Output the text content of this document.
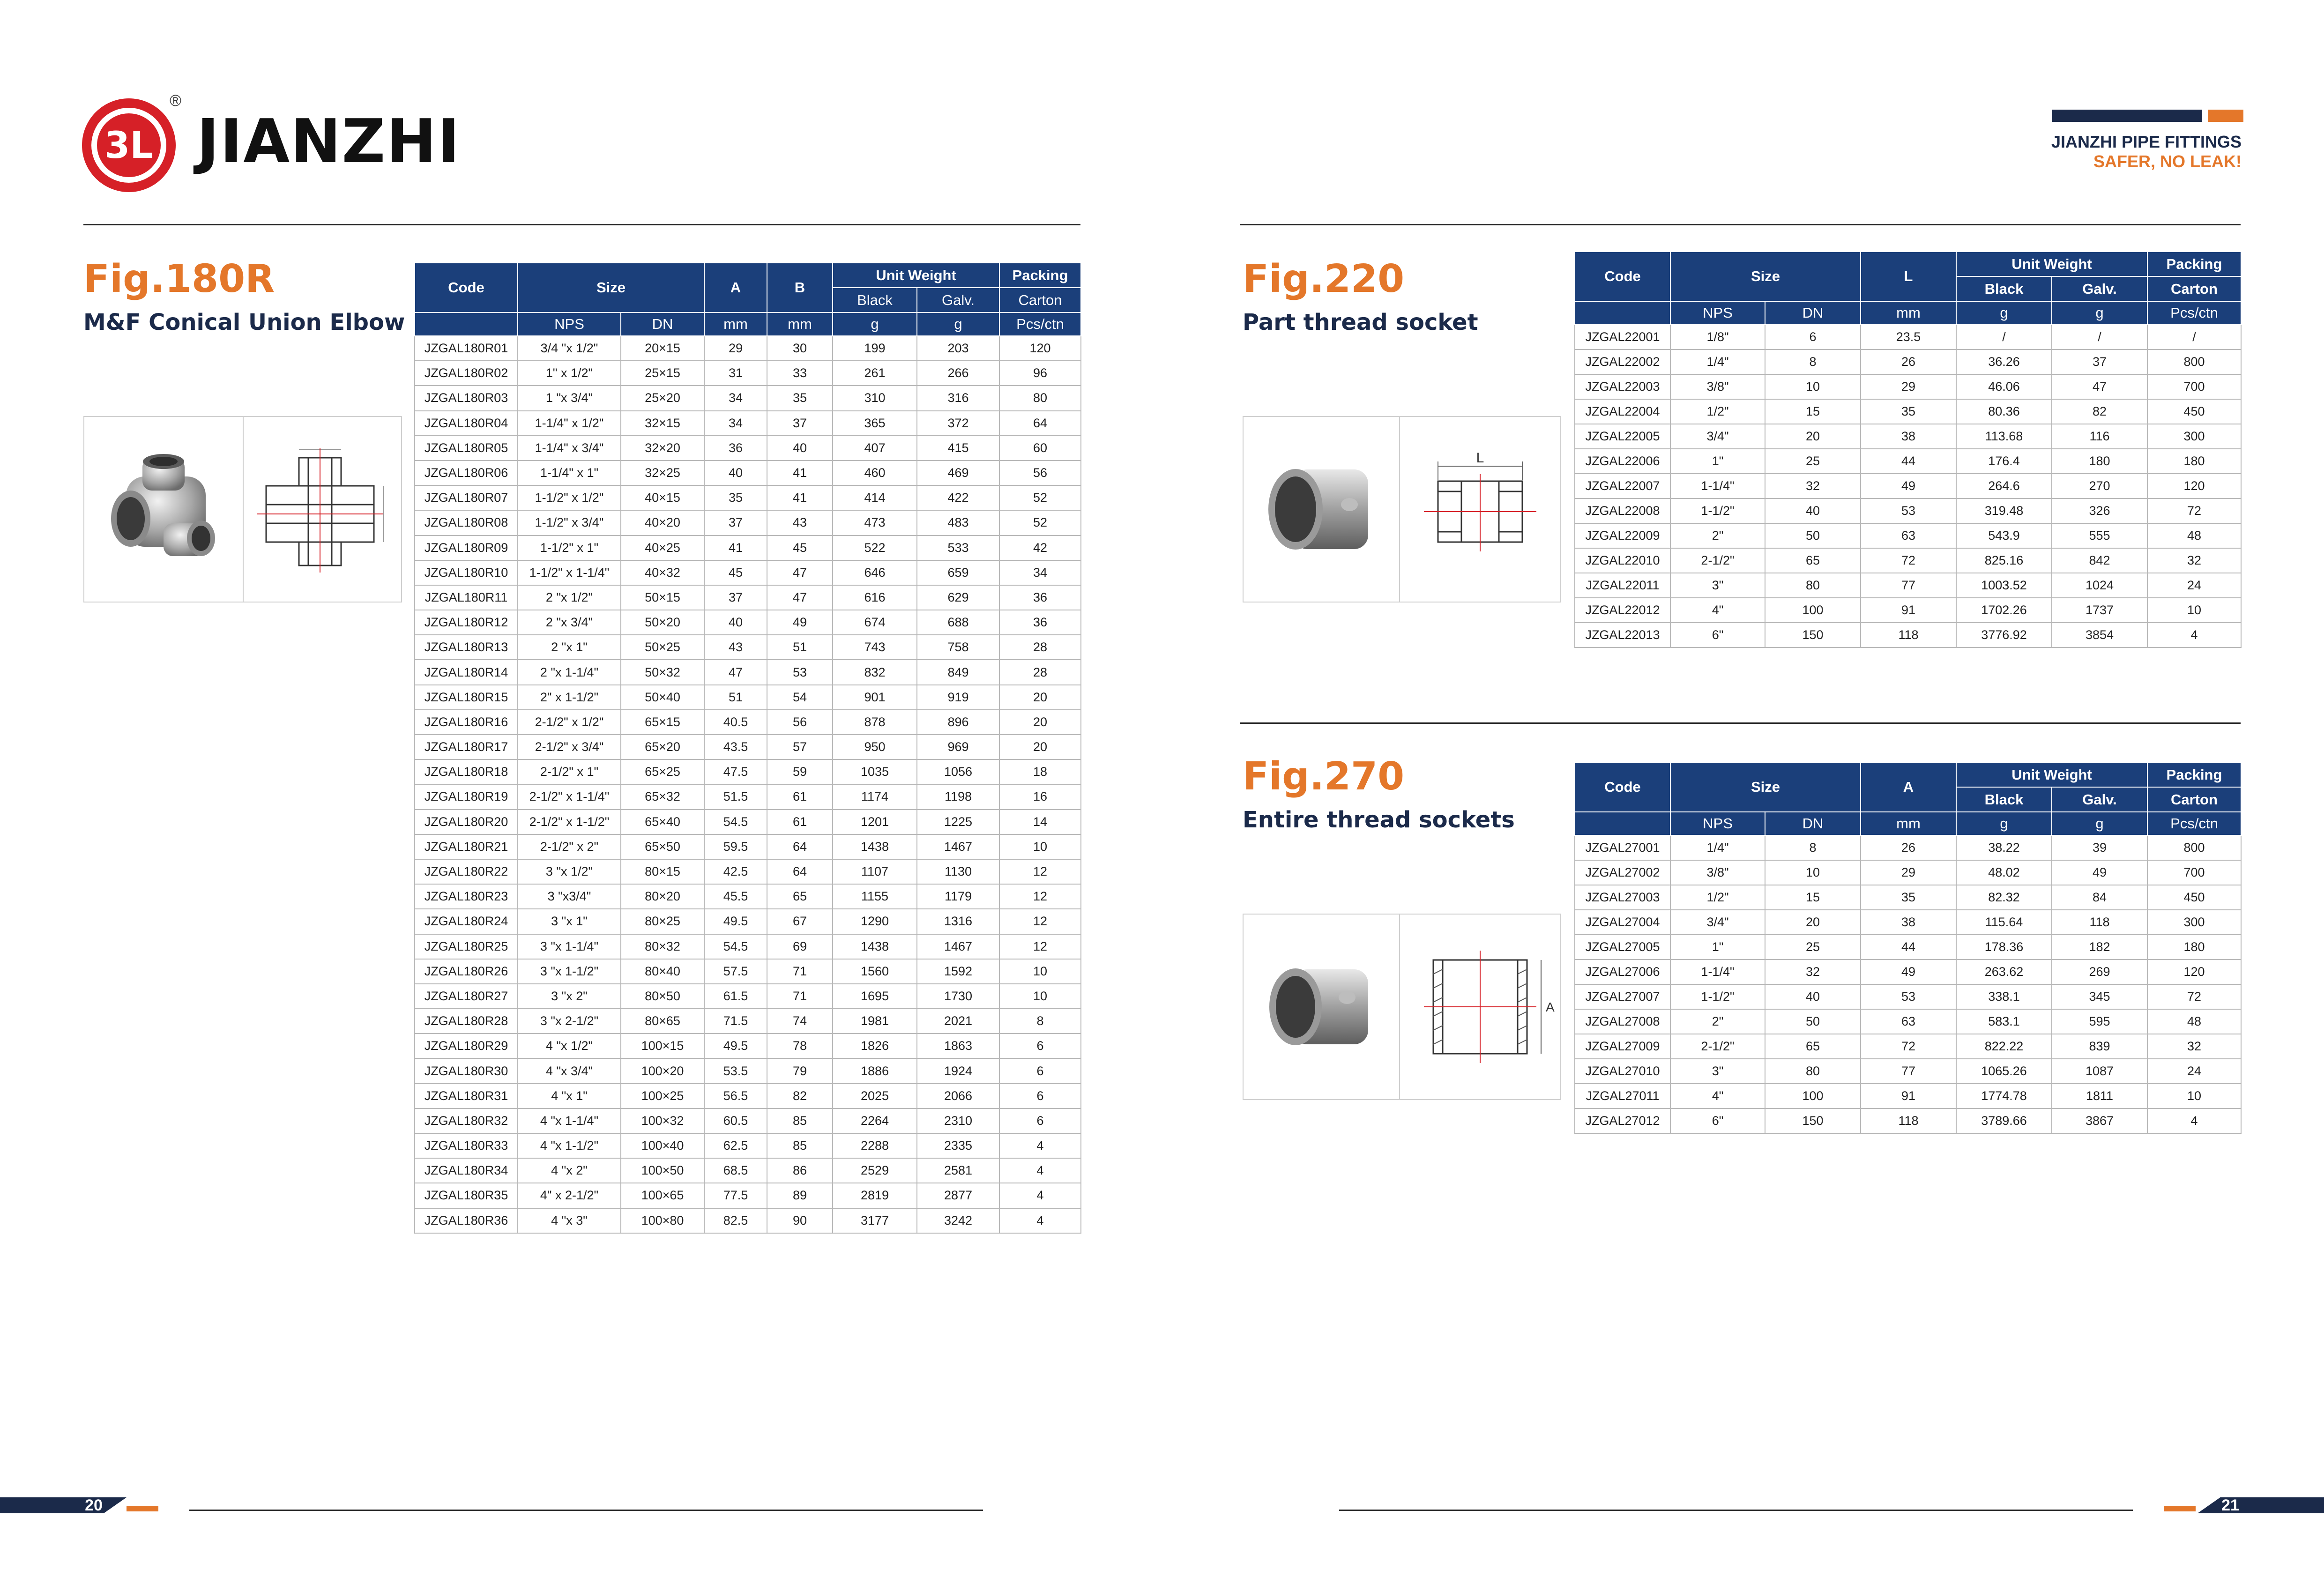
3L
®
JIANZHI	JIANZHI PIPE FITTINGS
SAFER, NO LEAK!
Fig.180R
M&F Conical Union Elbow
Code	Size		A	B	Unit Weight		Packing
					Black	Galv.	Carton
	NPS	DN	mm	mm	g	g	Pcs/ctn
JZGAL180R01	3/4 "x 1/2"	20×15	29	30	199	203	120
JZGAL180R02	1" x 1/2"	25×15	31	33	261	266	96
JZGAL180R03	1 "x 3/4"	25×20	34	35	310	316	80
JZGAL180R04	1-1/4" x 1/2"	32×15	34	37	365	372	64
JZGAL180R05	1-1/4" x 3/4"	32×20	36	40	407	415	60
JZGAL180R06	1-1/4" x 1"	32×25	40	41	460	469	56
JZGAL180R07	1-1/2" x 1/2"	40×15	35	41	414	422	52
JZGAL180R08	1-1/2" x 3/4"	40×20	37	43	473	483	52
JZGAL180R09	1-1/2" x 1"	40×25	41	45	522	533	42
JZGAL180R10	1-1/2" x 1-1/4"	40×32	45	47	646	659	34
JZGAL180R11	2 "x 1/2"	50×15	37	47	616	629	36
JZGAL180R12	2 "x 3/4"	50×20	40	49	674	688	36
JZGAL180R13	2 "x 1"	50×25	43	51	743	758	28
JZGAL180R14	2 "x 1-1/4"	50×32	47	53	832	849	28
JZGAL180R15	2" x 1-1/2"	50×40	51	54	901	919	20
JZGAL180R16	2-1/2" x 1/2"	65×15	40.5	56	878	896	20
JZGAL180R17	2-1/2" x 3/4"	65×20	43.5	57	950	969	20
JZGAL180R18	2-1/2" x 1"	65×25	47.5	59	1035	1056	18
JZGAL180R19	2-1/2" x 1-1/4"	65×32	51.5	61	1174	1198	16
JZGAL180R20	2-1/2" x 1-1/2"	65×40	54.5	61	1201	1225	14
JZGAL180R21	2-1/2" x 2"	65×50	59.5	64	1438	1467	10
JZGAL180R22	3 "x 1/2"	80×15	42.5	64	1107	1130	12
JZGAL180R23	3 "x3/4"	80×20	45.5	65	1155	1179	12
JZGAL180R24	3 "x 1"	80×25	49.5	67	1290	1316	12
JZGAL180R25	3 "x 1-1/4"	80×32	54.5	69	1438	1467	12
JZGAL180R26	3 "x 1-1/2"	80×40	57.5	71	1560	1592	10
JZGAL180R27	3 "x 2"	80×50	61.5	71	1695	1730	10
JZGAL180R28	3 "x 2-1/2"	80×65	71.5	74	1981	2021	8
JZGAL180R29	4 "x 1/2"	100×15	49.5	78	1826	1863	6
JZGAL180R30	4 "x 3/4"	100×20	53.5	79	1886	1924	6
JZGAL180R31	4 "x 1"	100×25	56.5	82	2025	2066	6
JZGAL180R32	4 "x 1-1/4"	100×32	60.5	85	2264	2310	6
JZGAL180R33	4 "x 1-1/2"	100×40	62.5	85	2288	2335	4
JZGAL180R34	4 "x 2"	100×50	68.5	86	2529	2581	4
JZGAL180R35	4" x 2-1/2"	100×65	77.5	89	2819	2877	4
JZGAL180R36	4 "x 3"	100×80	82.5	90	3177	3242	4
Fig.220
Part thread socket
L
Code	Size		L	Unit Weight		Packing
				Black	Galv.	Carton
	NPS	DN	mm	g	g	Pcs/ctn
JZGAL22001	1/8"	6	23.5	/	/	/
JZGAL22002	1/4"	8	26	36.26	37	800
JZGAL22003	3/8"	10	29	46.06	47	700
JZGAL22004	1/2"	15	35	80.36	82	450
JZGAL22005	3/4"	20	38	113.68	116	300
JZGAL22006	1"	25	44	176.4	180	180
JZGAL22007	1-1/4"	32	49	264.6	270	120
JZGAL22008	1-1/2"	40	53	319.48	326	72
JZGAL22009	2"	50	63	543.9	555	48
JZGAL22010	2-1/2"	65	72	825.16	842	32
JZGAL22011	3"	80	77	1003.52	1024	24
JZGAL22012	4"	100	91	1702.26	1737	10
JZGAL22013	6"	150	118	3776.92	3854	4
Fig.270
Entire thread sockets
A
Code	Size		A	Unit Weight		Packing
				Black	Galv.	Carton
	NPS	DN	mm	g	g	Pcs/ctn
JZGAL27001	1/4"	8	26	38.22	39	800
JZGAL27002	3/8"	10	29	48.02	49	700
JZGAL27003	1/2"	15	35	82.32	84	450
JZGAL27004	3/4"	20	38	115.64	118	300
JZGAL27005	1"	25	44	178.36	182	180
JZGAL27006	1-1/4"	32	49	263.62	269	120
JZGAL27007	1-1/2"	40	53	338.1	345	72
JZGAL27008	2"	50	63	583.1	595	48
JZGAL27009	2-1/2"	65	72	822.22	839	32
JZGAL27010	3"	80	77	1065.26	1087	24
JZGAL27011	4"	100	91	1774.78	1811	10
JZGAL27012	6"	150	118	3789.66	3867	4
20	21
